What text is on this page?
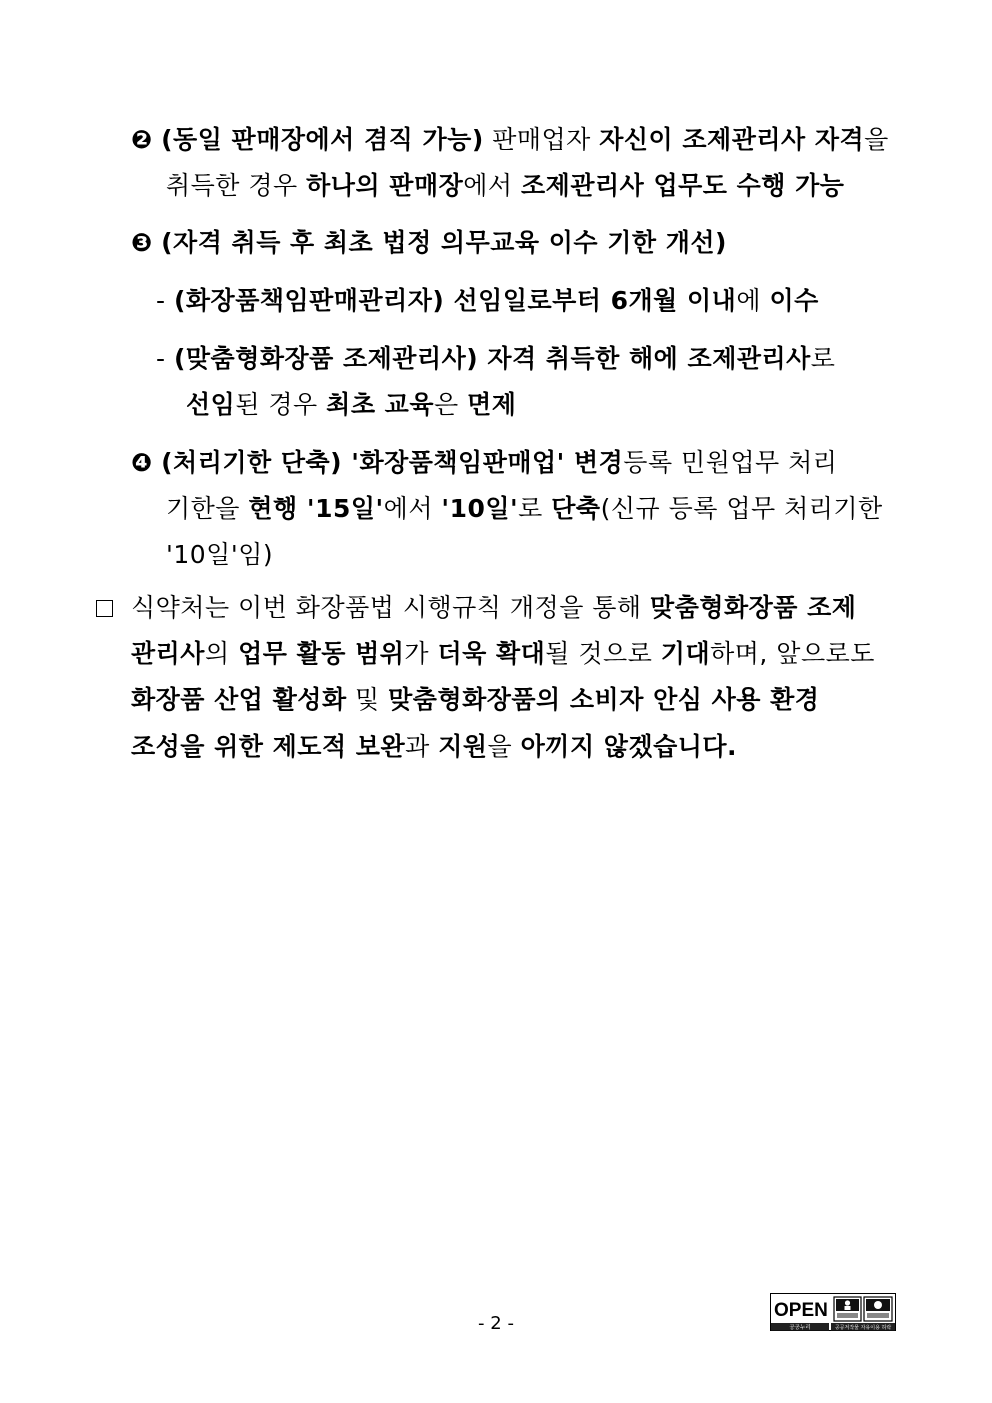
❷ (동일 판매장에서 겸직 가능) 판매업자 자신이 조제관리사 자격을
취득한 경우 하나의 판매장에서 조제관리사 업무도 수행 가능
❸ (자격 취득 후 최초 법정 의무교육 이수 기한 개선)
- (화장품책임판매관리자) 선임일로부터 6개월 이내에 이수
- (맞춤형화장품 조제관리사) 자격 취득한 해에 조제관리사로
선임된 경우 최초 교육은 면제
❹ (처리기한 단축) '화장품책임판매업' 변경등록 민원업무 처리
기한을 현행 '15일'에서 '10일'로 단축(신규 등록 업무 처리기한
'10일'임)
식약처는 이번 화장품법 시행규칙 개정을 통해 맞춤형화장품 조제
관리사의 업무 활동 범위가 더욱 확대될 것으로 기대하며, 앞으로도
화장품 산업 활성화 및 맞춤형화장품의 소비자 안심 사용 환경
조성을 위한 제도적 보완과 지원을 아끼지 않겠습니다.
- 2 -
OPEN
공공누리	공공저작물 자유이용 허락
